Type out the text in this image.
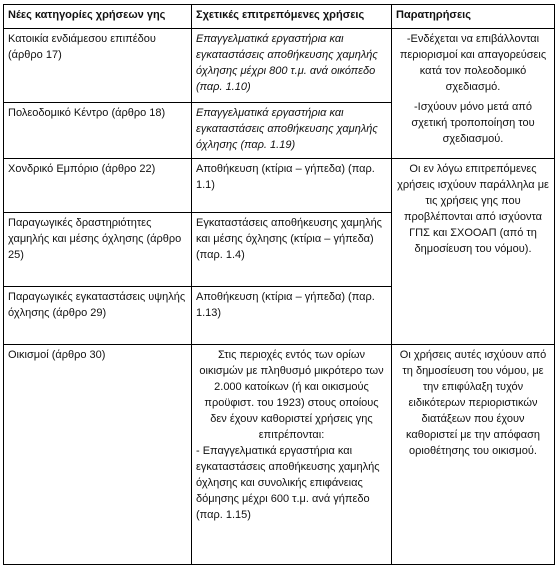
Νέες κατηγορίες χρήσεων γης	Σχετικές επιτρεπόμενες χρήσεις	Παρατηρήσεις
Κατοικία ενδιάμεσου επιπέδου (άρθρο 17)	Επαγγελματικά εργαστήρια και εγκαταστάσεις αποθήκευσης χαμηλής όχλησης μέχρι 800 τ.μ. ανά οικόπεδο (παρ. 1.10)	-Ενδέχεται να επιβάλλονται περιορισμοί και απαγορεύσεις κατά τον πολεοδομικό σχεδιασμό.

-Ισχύουν μόνο μετά από σχετική τροποποίηση του σχεδιασμού.

Πολεοδομικό Κέντρο (άρθρο 18)	Επαγγελματικά εργαστήρια και εγκαταστάσεις αποθήκευσης χαμηλής όχλησης (παρ. 1.19)	
Χονδρικό Εμπόριο (άρθρο 22)	Αποθήκευση (κτίρια – γήπεδα) (παρ. 1.1)	Οι εν λόγω επιτρεπόμενες χρήσεις ισχύουν παράλληλα με τις χρήσεις γης που προβλέπονται από ισχύοντα ΓΠΣ και ΣΧΟΟΑΠ (από τη δημοσίευση του νόμου).
Παραγωγικές δραστηριότητες χαμηλής και μέσης όχλησης (άρθρο 25)	Εγκαταστάσεις αποθήκευσης χαμηλής και μέσης όχλησης (κτίρια – γήπεδα) (παρ. 1.4)	
Παραγωγικές εγκαταστάσεις υψηλής όχλησης (άρθρο 29)	Αποθήκευση (κτίρια – γήπεδα) (παρ. 1.13)	
Οικισμοί (άρθρο 30)	Στις περιοχές εντός των ορίων οικισμών με πληθυσμό μικρότερο των 2.000 κατοίκων (ή και οικισμούς προϋφιστ. του 1923) στους οποίους δεν έχουν καθοριστεί χρήσεις γης επιτρέπονται:

- Επαγγελματικά εργαστήρια και εγκαταστάσεις αποθήκευσης χαμηλής όχλησης και συνολικής επιφάνειας δόμησης μέχρι 600 τ.μ. ανά γήπεδο (παρ. 1.15)	Οι χρήσεις αυτές ισχύουν από τη δημοσίευση του νόμου, με την επιφύλαξη τυχόν ειδικότερων περιοριστικών διατάξεων που έχουν καθοριστεί με την απόφαση οριοθέτησης του οικισμού.
